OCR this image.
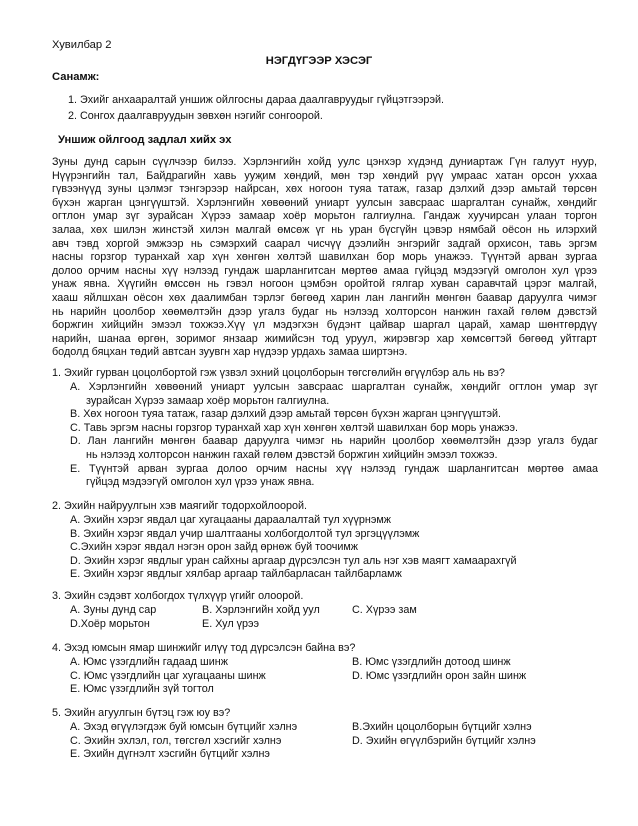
Хувилбар 2
НЭГДҮГЭЭР ХЭСЭГ
Санамж:
1. Эхийг анхааралтай уншиж ойлгосны дараа даалгавруудыг гүйцэтгээрэй.
2. Сонгох даалгавруудын зөвхөн нэгийг сонгоорой.
Уншиж ойлгоод задлал хийх эх
Зуны дунд сарын сүүлчээр билээ. Хэрлэнгийн хойд уулс цэнхэр хүдэнд дуниартаж Гүн галуут нуур,
Нүүрэнгийн тал, Байдрагийн хавь ууҗим хөндий, мөн тэр хөндий рүү умраас хатан орсон уххаа
гүвээнүүд зуны цэлмэг тэнгэрээр найрсан, хөх ногоон туяа татаж, газар дэлхий дээр амьтай төрсөн
бүхэн жарган цэнгүүштэй. Хэрлэнгийн хөвөөний униарт уулсын завсраас шаргалтан сунайж, хөндийг
огтлон умар зүг зурайсан Хүрээ замаар хоёр морьтон галгиулна. Гандаж хуучирсан улаан торгон
залаа, хөх шилэн жинстэй хилэн малгай өмсөж үг нь уран бүсгүйн цэвэр нямбай оёсон нь илэрхий
авч тэвд хоргой эмжээр нь сэмэрхий саарал чисчүү дээлийн энгэрийг задгай орхисон, тавь эргэм
насны горзгор туранхай хар хүн хөнгөн хөлтэй шавилхан бор морь унажээ. Түүнтэй арван зургаа
долоо орчим насны хүү нэлээд гундаж шарлангитсан мөртөө амаа гүйцэд мэдээгүй омголон хул үрээ
унаж явна. Хүүгийн өмссөн нь гэвэл ногоон цэмбэн оройтой гялгар хуван саравчтай цэрэг малгай,
хааш яйлшхан оёсон хөх даалимбан тэрлэг бөгөөд харин лан лангийн мөнгөн баавар даруулга чимэг
нь нарийн цоолбор хөөмөлтэйн дээр угалз будаг нь нэлээд холторсон нанжин гахай гөлөм дэвстэй
боржгин хийцийн эмээл тохжээ.Хүү үл мэдэгхэн бүдэнт цайвар шаргал царай, хамар шөнтгөрдүү
нарийн, шанаа өргөн, зоримог янзаар жимийсэн тод уруул, жирэвгэр хар хөмсөгтэй бөгөөд уйтгарт
бодолд бяцхан төдий автсан зуувгн хар нүдээр урдахь замаа ширтэнэ.
1. Эхийг гурван цоцолбортой гэж үзвэл эхний цоцолборын төгсгөлийн өгүүлбэр аль нь вэ?
А. Хэрлэнгийн хөвөөний униарт уулсын завсраас шаргалтан сунайж, хөндийг огтлон умар зүг
зурайсан Хүрээ замаар хоёр морьтон галгиулна.
В. Хөх ногоон туяа татаж, газар дэлхий дээр амьтай төрсөн бүхэн жарган цэнгүүштэй.
С. Тавь эргэм насны горзгор туранхай хар хүн хөнгөн хөлтэй шавилхан бор морь унажээ.
D. Лан лангийн мөнгөн баавар даруулга чимэг нь нарийн цоолбор хөөмөлтэйн дээр угалз будаг
нь нэлээд холторсон нанжин гахай гөлөм дэвстэй боржгин хийцийн эмээл тохжээ.
Е. Түүнтэй арван зургаа долоо орчим насны хүү нэлээд гундаж шарлангитсан мөртөө амаа
гүйцэд мэдээгүй омголон хул үрээ унаж явна.
2. Эхийн найруулгын хэв маягийг тодорхойлоорой.
А. Эхийн хэрэг явдал цаг хугацааны дараалалтай тул хүүрнэмж
В. Эхийн хэрэг явдал учир шалтгааны холбогдолтой тул эргэцүүлэмж
С.Эхийн хэрэг явдал нэгэн орон зайд өрнөж буй тоочимж
D. Эхийн хэрэг явдлыг уран сайхны аргаар дүрсэлсэн тул аль нэг хэв маягт хамаарахгүй
Е. Эхийн хэрэг явдлыг хялбар аргаар тайлбарласан тайлбарламж
3. Эхийн сэдэвт холбогдох түлхүүр үгийг олоорой.
А. Зуны дунд сар	В. Хэрлэнгийн хойд уул	С. Хүрээ зам
D.Хоёр морьтон	Е. Хул үрээ
4. Эхэд юмсын ямар шинжийг илүү тод дүрсэлсэн байна вэ?
А. Юмс үзэгдлийн гадаад шинж	В. Юмс үзэгдлийн дотоод шинж
С. Юмс үзэгдлийн цаг хугацааны шинж	D. Юмс үзэгдлийн орон зайн шинж
Е. Юмс үзэгдлийн зүй тогтол
5. Эхийн агуулгын бүтэц гэж юу вэ?
А. Эхэд өгүүлэгдэж буй юмсын бүтцийг хэлнэ	В.Эхийн цоцолборын бүтцийг хэлнэ
С. Эхийн эхлэл, гол, төгсгөл хэсгийг хэлнэ	D. Эхийн өгүүлбэрийн бүтцийг хэлнэ
Е. Эхийн дүгнэлт хэсгийн бүтцийг хэлнэ
